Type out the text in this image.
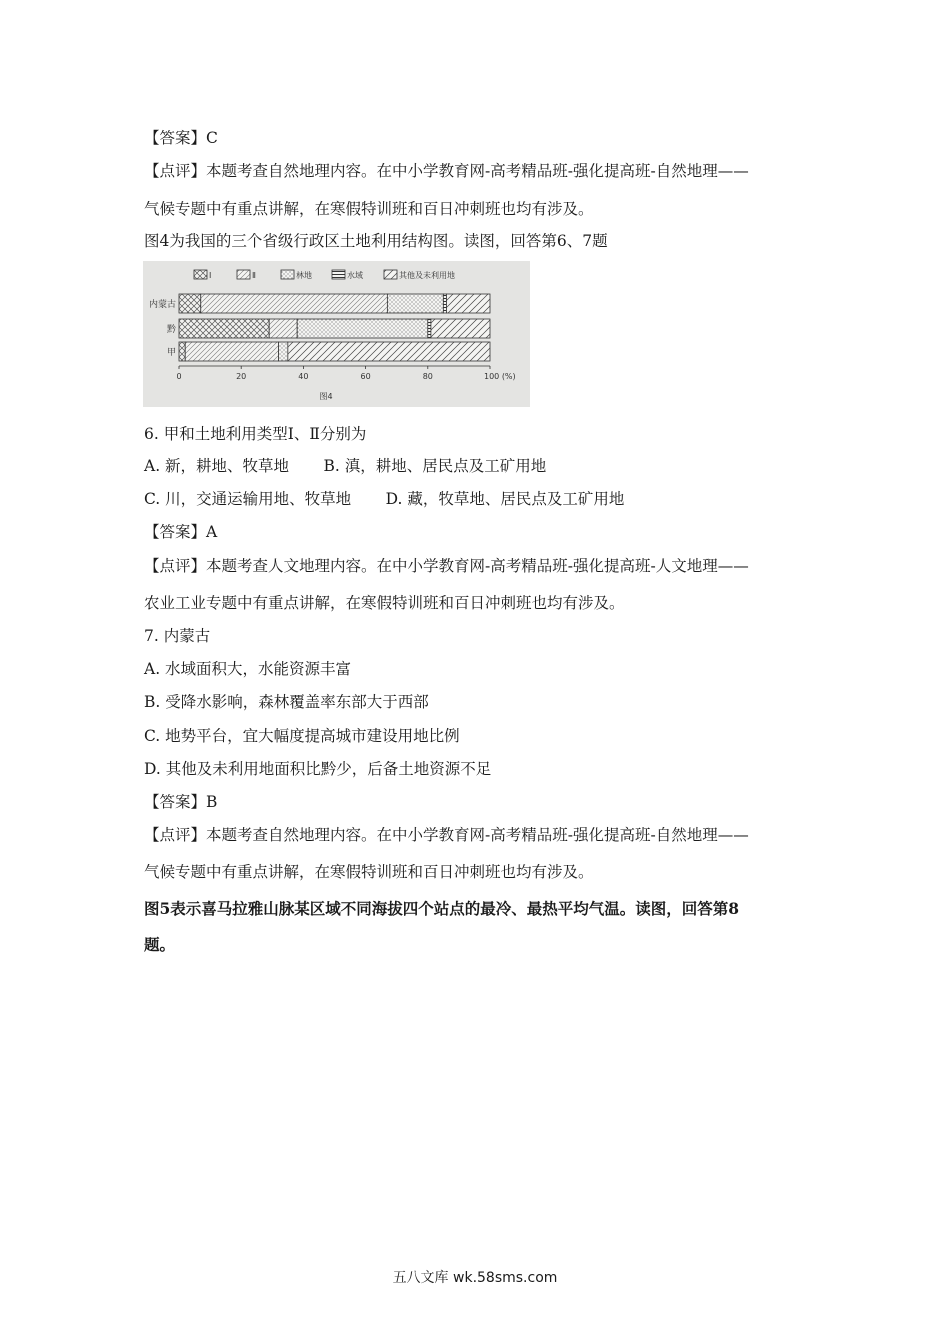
【答案】C
【点评】本题考查自然地理内容。在中小学教育网-高考精品班-强化提高班-自然地理——
气候专题中有重点讲解，在寒假特训班和百日冲刺班也均有涉及。
图4为我国的三个省级行政区土地利用结构图。读图，回答第6、7题
Ⅰ	Ⅱ	林地	水域	其他及未利用地
内蒙古
黔
甲
0	20	40	60	80	100 (%)
图4
6. 甲和土地利用类型Ⅰ、Ⅱ分别为
A. 新，耕地、牧草地       B. 滇，耕地、居民点及工矿用地
C. 川，交通运输用地、牧草地       D. 藏，牧草地、居民点及工矿用地
【答案】A
【点评】本题考查人文地理内容。在中小学教育网-高考精品班-强化提高班-人文地理——
农业工业专题中有重点讲解，在寒假特训班和百日冲刺班也均有涉及。
7. 内蒙古
A. 水域面积大，水能资源丰富
B. 受降水影响，森林覆盖率东部大于西部
C. 地势平台，宜大幅度提高城市建设用地比例
D. 其他及未利用地面积比黔少，后备土地资源不足
【答案】B
【点评】本题考查自然地理内容。在中小学教育网-高考精品班-强化提高班-自然地理——
气候专题中有重点讲解，在寒假特训班和百日冲刺班也均有涉及。
图5表示喜马拉雅山脉某区域不同海拔四个站点的最冷、最热平均气温。读图，回答第8
题。
五八文库 wk.58sms.com
